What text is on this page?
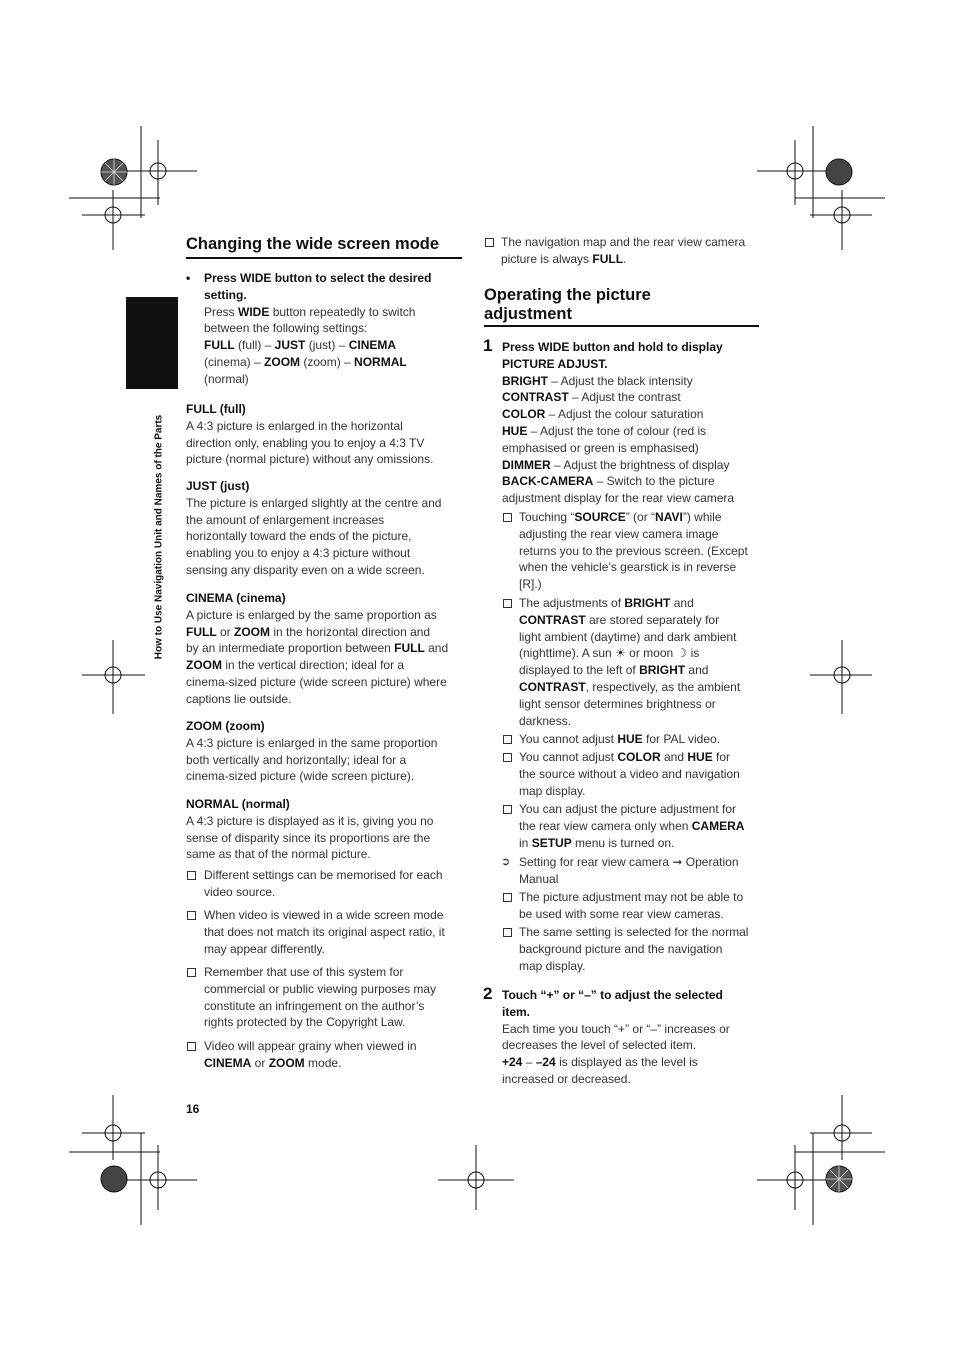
How to Use Navigation Unit and Names of the Parts
Changing the wide screen mode
• Press WIDE button to select the desired

setting.

Press WIDE button repeatedly to switch

between the following settings:

FULL (full) – JUST (just) – CINEMA

(cinema) – ZOOM (zoom) – NORMAL

(normal)

FULL (full)

A 4:3 picture is enlarged in the horizontal

direction only, enabling you to enjoy a 4:3 TV

picture (normal picture) without any omissions.

JUST (just)

The picture is enlarged slightly at the centre and

the amount of enlargement increases

horizontally toward the ends of the picture,

enabling you to enjoy a 4:3 picture without

sensing any disparity even on a wide screen.

CINEMA (cinema)

A picture is enlarged by the same proportion as

FULL or ZOOM in the horizontal direction and

by an intermediate proportion between FULL and

ZOOM in the vertical direction; ideal for a

cinema-sized picture (wide screen picture) where

captions lie outside.

ZOOM (zoom)

A 4:3 picture is enlarged in the same proportion

both vertically and horizontally; ideal for a

cinema-sized picture (wide screen picture).

NORMAL (normal)

A 4:3 picture is displayed as it is, giving you no

sense of disparity since its proportions are the

same as that of the normal picture.

Different settings can be memorised for each

video source.

When video is viewed in a wide screen mode

that does not match its original aspect ratio, it

may appear differently.

Remember that use of this system for

commercial or public viewing purposes may

constitute an infringement on the author’s

rights protected by the Copyright Law.

Video will appear grainy when viewed in

CINEMA or ZOOM mode.

16

The navigation map and the rear view camera

picture is always FULL.

Operating the picture

adjustment

1 Press WIDE button and hold to display

PICTURE ADJUST.

BRIGHT – Adjust the black intensity

CONTRAST – Adjust the contrast

COLOR – Adjust the colour saturation

HUE – Adjust the tone of colour (red is

emphasised or green is emphasised)

DIMMER – Adjust the brightness of display

BACK-CAMERA – Switch to the picture

adjustment display for the rear view camera

Touching “SOURCE” (or “NAVI”) while

adjusting the rear view camera image

returns you to the previous screen. (Except

when the vehicle’s gearstick is in reverse

[R].)

The adjustments of BRIGHT and

CONTRAST are stored separately for

light ambient (daytime) and dark ambient

(nighttime). A sun ☀ or moon ☽ is

displayed to the left of BRIGHT and

CONTRAST, respectively, as the ambient

light sensor determines brightness or

darkness.

You cannot adjust HUE for PAL video.

You cannot adjust COLOR and HUE for

the source without a video and navigation

map display.

You can adjust the picture adjustment for

the rear view camera only when CAMERA

in SETUP menu is turned on.

➲ Setting for rear view camera ➞ Operation

Manual

The picture adjustment may not be able to

be used with some rear view cameras.

The same setting is selected for the normal

background picture and the navigation

map display.

2 Touch “+” or “–” to adjust the selected

item.

Each time you touch “+” or “–” increases or

decreases the level of selected item.

+24 – –24 is displayed as the level is

increased or decreased.
